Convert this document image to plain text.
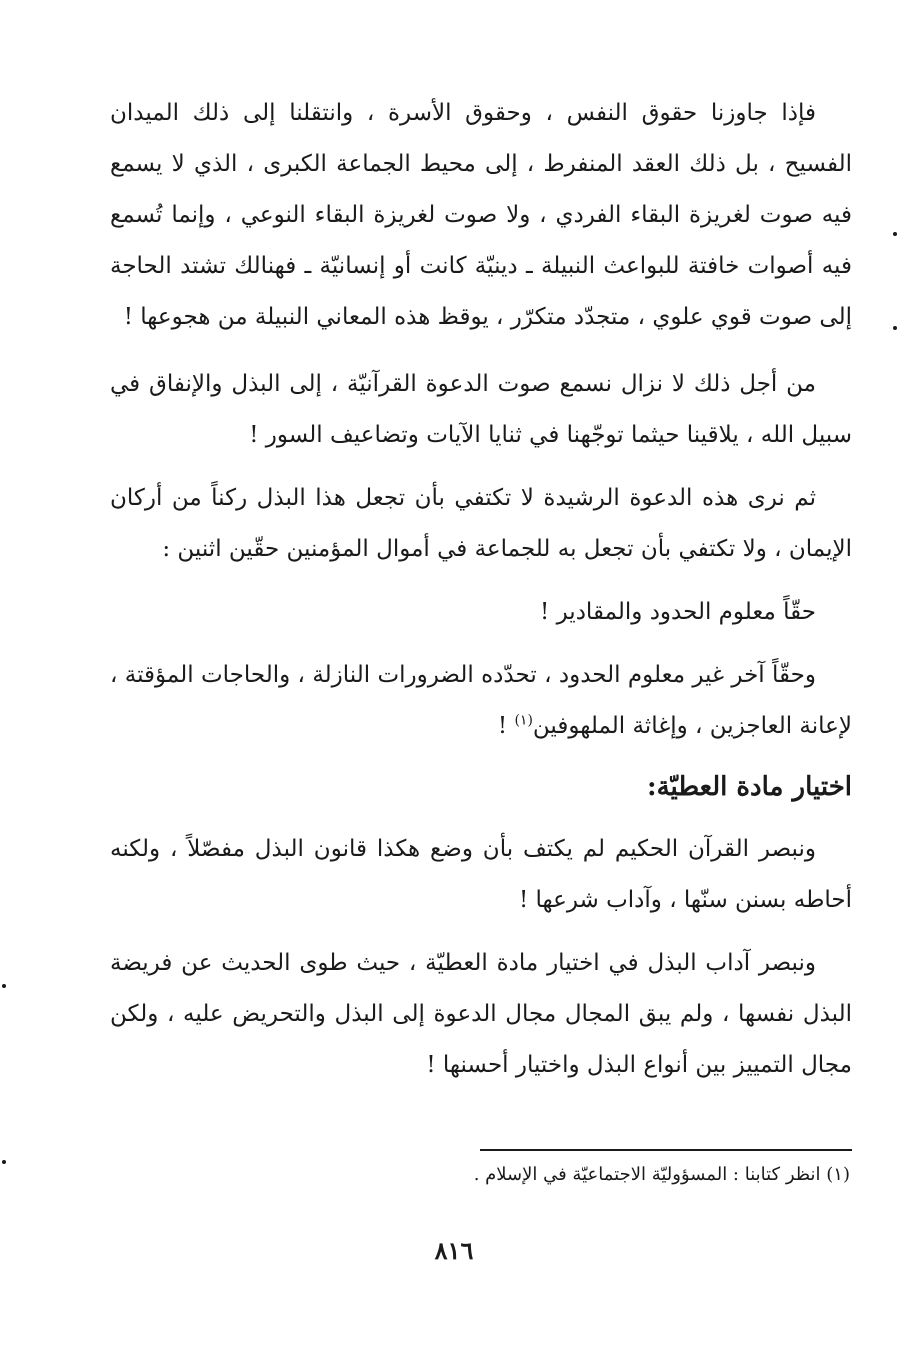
فإذا جاوزنا حقوق النفس ، وحقوق الأسرة ، وانتقلنا إلى ذلك الميدان الفسيح ، بل ذلك العقد المنفرط ، إلى محيط الجماعة الكبرى ، الذي لا يسمع فيه صوت لغريزة البقاء الفردي ، ولا صوت لغريزة البقاء النوعي ، وإنما تُسمع فيه أصوات خافتة للبواعث النبيلة ـ دينيّة كانت أو إنسانيّة ـ فهنالك تشتد الحاجة إلى صوت قوي علوي ، متجدّد متكرّر ، يوقظ هذه المعاني النبيلة من هجوعها !

من أجل ذلك لا نزال نسمع صوت الدعوة القرآنيّة ، إلى البذل والإنفاق في سبيل الله ، يلاقينا حيثما توجّهنا في ثنايا الآيات وتضاعيف السور !

ثم نرى هذه الدعوة الرشيدة لا تكتفي بأن تجعل هذا البذل ركناً من أركان الإيمان ، ولا تكتفي بأن تجعل به للجماعة في أموال المؤمنين حقّين اثنين :

حقّاً معلوم الحدود والمقادير !

وحقّاً آخر غير معلوم الحدود ، تحدّده الضرورات النازلة ، والحاجات المؤقتة ، لإعانة العاجزين ، وإغاثة الملهوفين$^{(١)}$ !

اختيار مادة العطيّة:

ونبصر القرآن الحكيم لم يكتف بأن وضع هكذا قانون البذل مفصّلاً ، ولكنه أحاطه بسنن سنّها ، وآداب شرعها !

ونبصر آداب البذل في اختيار مادة العطيّة ، حيث طوى الحديث عن فريضة البذل نفسها ، ولم يبق المجال مجال الدعوة إلى البذل والتحريض عليه ، ولكن مجال التمييز بين أنواع البذل واختيار أحسنها !

(١) انظر كتابنا : المسؤوليّة الاجتماعيّة في الإسلام .
٨١٦
